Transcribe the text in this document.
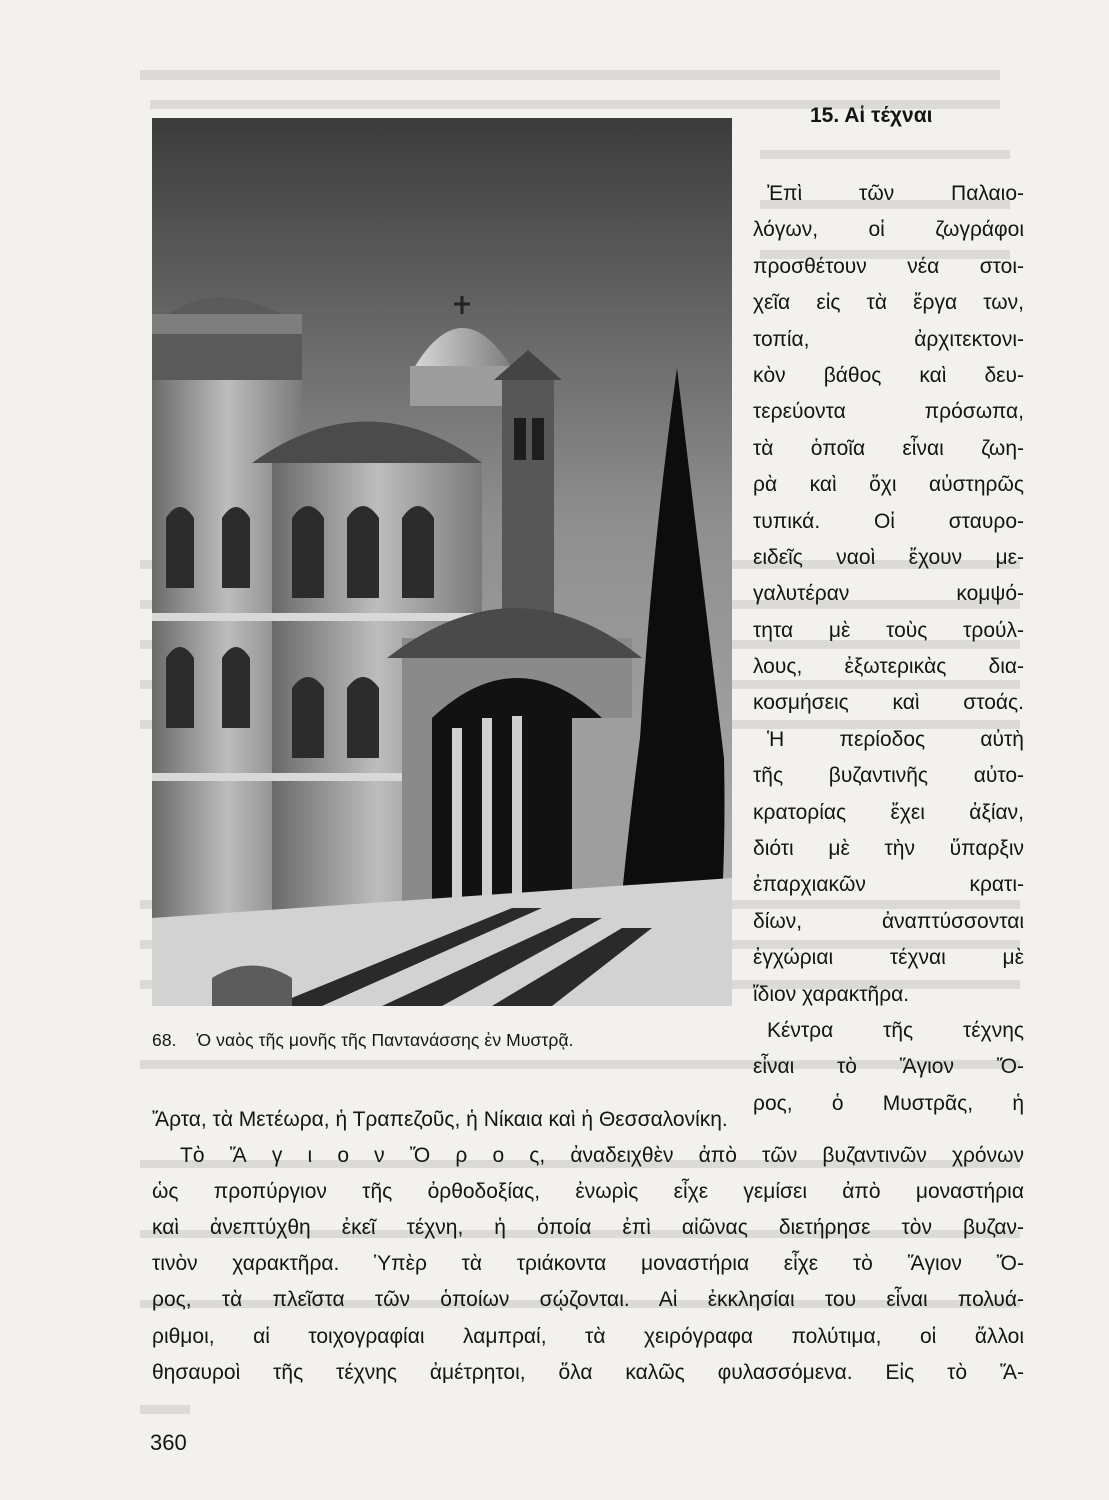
68. Ὁ ναὸς τῆς μονῆς τῆς Παντανάσσης ἐν Μυστρᾷ.
15. Αἱ τέχναι
Ἐπὶ τῶν Παλαιο-
λόγων, οἱ ζωγράφοι
προσθέτουν νέα στοι-
χεῖα εἰς τὰ ἔργα των,
τοπία, ἀρχιτεκτονι-
κὸν βάθος καὶ δευ-
τερεύοντα πρόσωπα,
τὰ ὁποῖα εἶναι ζωη-
ρὰ καὶ ὄχι αὐστηρῶς
τυπικά. Οἱ σταυρο-
ειδεῖς ναοὶ ἔχουν με-
γαλυτέραν κομψό-
τητα μὲ τοὺς τρούλ-
λους, ἐξωτερικὰς δια-
κοσμήσεις καὶ στοάς.
Ἡ περίοδος αὐτὴ
τῆς βυζαντινῆς αὐτο-
κρατορίας ἔχει ἀξίαν,
διότι μὲ τὴν ὕπαρξιν
ἐπαρχιακῶν κρατι-
δίων, ἀναπτύσσονται
ἐγχώριαι τέχναι μὲ
ἴδιον χαρακτῆρα.
Κέντρα τῆς τέχνης
εἶναι τὸ Ἅγιον Ὄ-
ρος, ὁ Μυστρᾶς, ἡ
Ἄρτα, τὰ Μετέωρα, ἡ Τραπεζοῦς, ἡ Νίκαια καὶ ἡ Θεσσαλονίκη.
Τὸ Ἅ γ ι ο ν Ὄ ρ ο ς, ἀναδειχθὲν ἀπὸ τῶν βυζαντινῶν χρόνων
ὡς προπύργιον τῆς ὀρθοδοξίας, ἐνωρὶς εἶχε γεμίσει ἀπὸ μοναστήρια
καὶ ἀνεπτύχθη ἐκεῖ τέχνη, ἡ ὁποία ἐπὶ αἰῶνας διετήρησε τὸν βυζαν-
τινὸν χαρακτῆρα. Ὑπὲρ τὰ τριάκοντα μοναστήρια εἶχε τὸ Ἅγιον Ὄ-
ρος, τὰ πλεῖστα τῶν ὁποίων σῴζονται. Αἱ ἐκκλησίαι του εἶναι πολυά-
ριθμοι, αἱ τοιχογραφίαι λαμπραί, τὰ χειρόγραφα πολύτιμα, οἱ ἄλλοι
θησαυροὶ τῆς τέχνης ἀμέτρητοι, ὅλα καλῶς φυλασσόμενα. Εἰς τὸ Ἅ-
360
